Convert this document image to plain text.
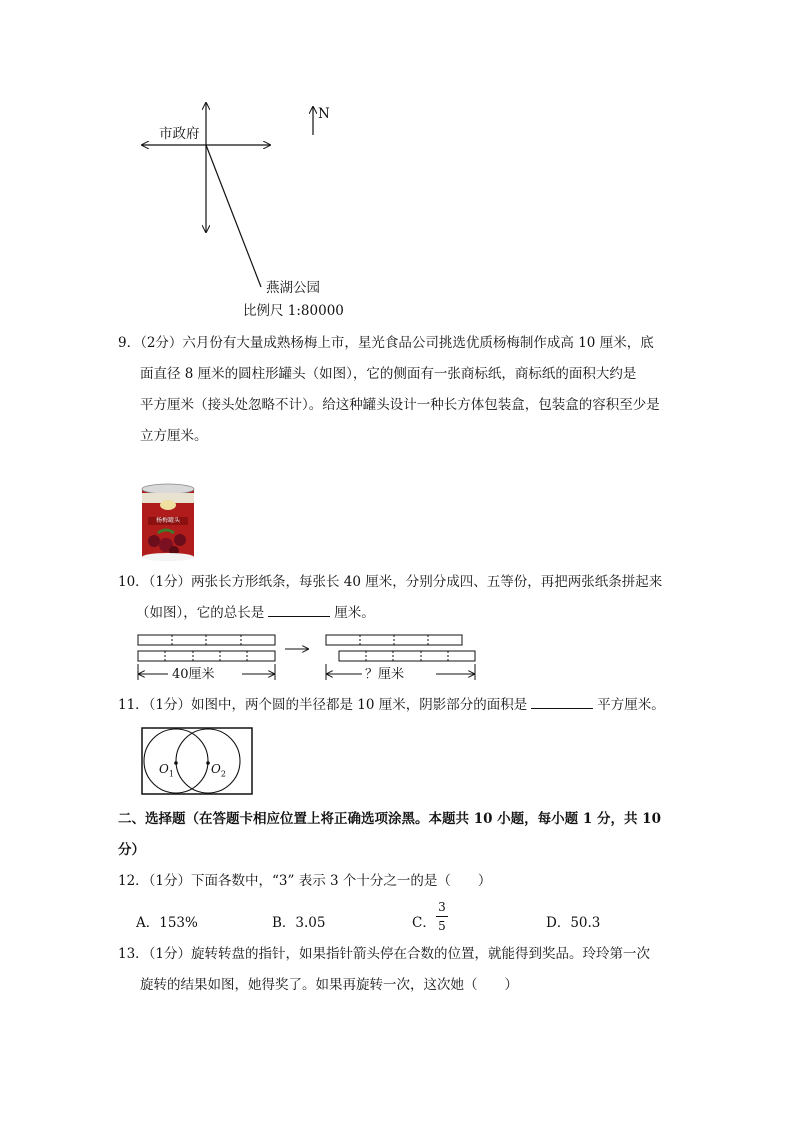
市政府
N
燕湖公园
比例尺 1:80000
9．（2分）六月份有大量成熟杨梅上市，星光食品公司挑选优质杨梅制作成高 10 厘米，底
面直径 8 厘米的圆柱形罐头（如图），它的侧面有一张商标纸，商标纸的面积大约是
平方厘米（接头处忽略不计）。给这种罐头设计一种长方体包装盒，包装盒的容积至少是
立方厘米。
杨梅罐头
10．（1分）两张长方形纸条，每张长 40 厘米，分别分成四、五等份，再把两张纸条拼起来
（如图），它的总长是	厘米。
40厘米	？厘米
11．（1分）如图中，两个圆的半径都是 10 厘米，阴影部分的面积是	平方厘米。
$O_1$	$O_2$
二、选择题（在答题卡相应位置上将正确选项涂黑。本题共 10 小题，每小题 1 分，共 10
分）
12．（1分）下面各数中，“3” 表示 3 个十分之一的是（　　）
A．153%	B．3.05	C．
3
5	D．50.3
13．（1分）旋转转盘的指针，如果指针箭头停在合数的位置，就能得到奖品。玲玲第一次
旋转的结果如图，她得奖了。如果再旋转一次，这次她（　　）
